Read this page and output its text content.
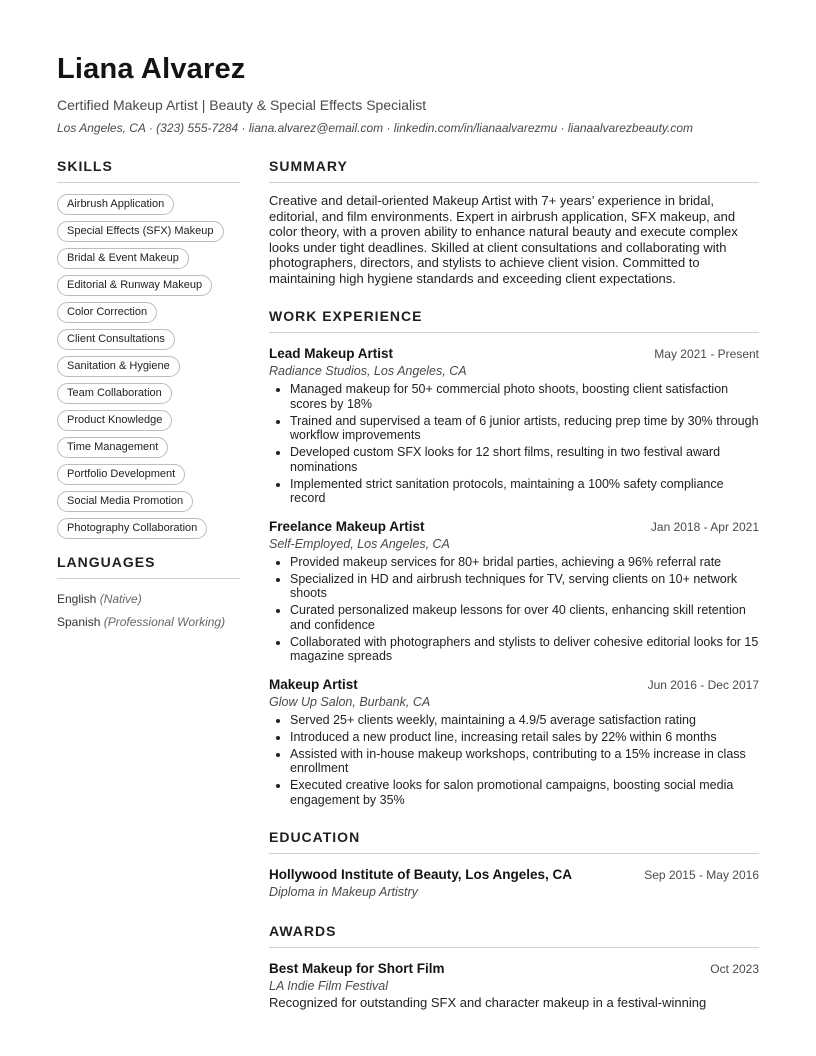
Liana Alvarez
Certified Makeup Artist | Beauty & Special Effects Specialist
Los Angeles, CA · (323) 555-7284 · liana.alvarez@email.com · linkedin.com/in/lianaalvarezmu · lianaalvarezbeauty.com
SKILLS
Airbrush Application
Special Effects (SFX) Makeup
Bridal & Event Makeup
Editorial & Runway Makeup
Color Correction
Client Consultations
Sanitation & Hygiene
Team Collaboration
Product Knowledge
Time Management
Portfolio Development
Social Media Promotion
Photography Collaboration
LANGUAGES
English (Native)
Spanish (Professional Working)
SUMMARY

Creative and detail-oriented Makeup Artist with 7+ years’ experience in bridal, editorial, and film environments. Expert in airbrush application, SFX makeup, and color theory, with a proven ability to enhance natural beauty and execute complex looks under tight deadlines. Skilled at client consultations and collaborating with photographers, directors, and stylists to achieve client vision. Committed to maintaining high hygiene standards and exceeding client expectations.

WORK EXPERIENCE
Lead Makeup Artist	May 2021 - Present
Radiance Studios, Los Angeles, CA
• Managed makeup for 50+ commercial photo shoots, boosting client satisfaction scores by 18%
• Trained and supervised a team of 6 junior artists, reducing prep time by 30% through workflow improvements
• Developed custom SFX looks for 12 short films, resulting in two festival award nominations
• Implemented strict sanitation protocols, maintaining a 100% safety compliance record
Freelance Makeup Artist	Jan 2018 - Apr 2021
Self-Employed, Los Angeles, CA
• Provided makeup services for 80+ bridal parties, achieving a 96% referral rate
• Specialized in HD and airbrush techniques for TV, serving clients on 10+ network shoots
• Curated personalized makeup lessons for over 40 clients, enhancing skill retention and confidence
• Collaborated with photographers and stylists to deliver cohesive editorial looks for 15 magazine spreads
Makeup Artist	Jun 2016 - Dec 2017
Glow Up Salon, Burbank, CA
• Served 25+ clients weekly, maintaining a 4.9/5 average satisfaction rating
• Introduced a new product line, increasing retail sales by 22% within 6 months
• Assisted with in-house makeup workshops, contributing to a 15% increase in class enrollment
• Executed creative looks for salon promotional campaigns, boosting social media engagement by 35%
EDUCATION
Hollywood Institute of Beauty, Los Angeles, CA	Sep 2015 - May 2016
Diploma in Makeup Artistry
AWARDS
Best Makeup for Short Film	Oct 2023
LA Indie Film Festival
Recognized for outstanding SFX and character makeup in a festival-winning
